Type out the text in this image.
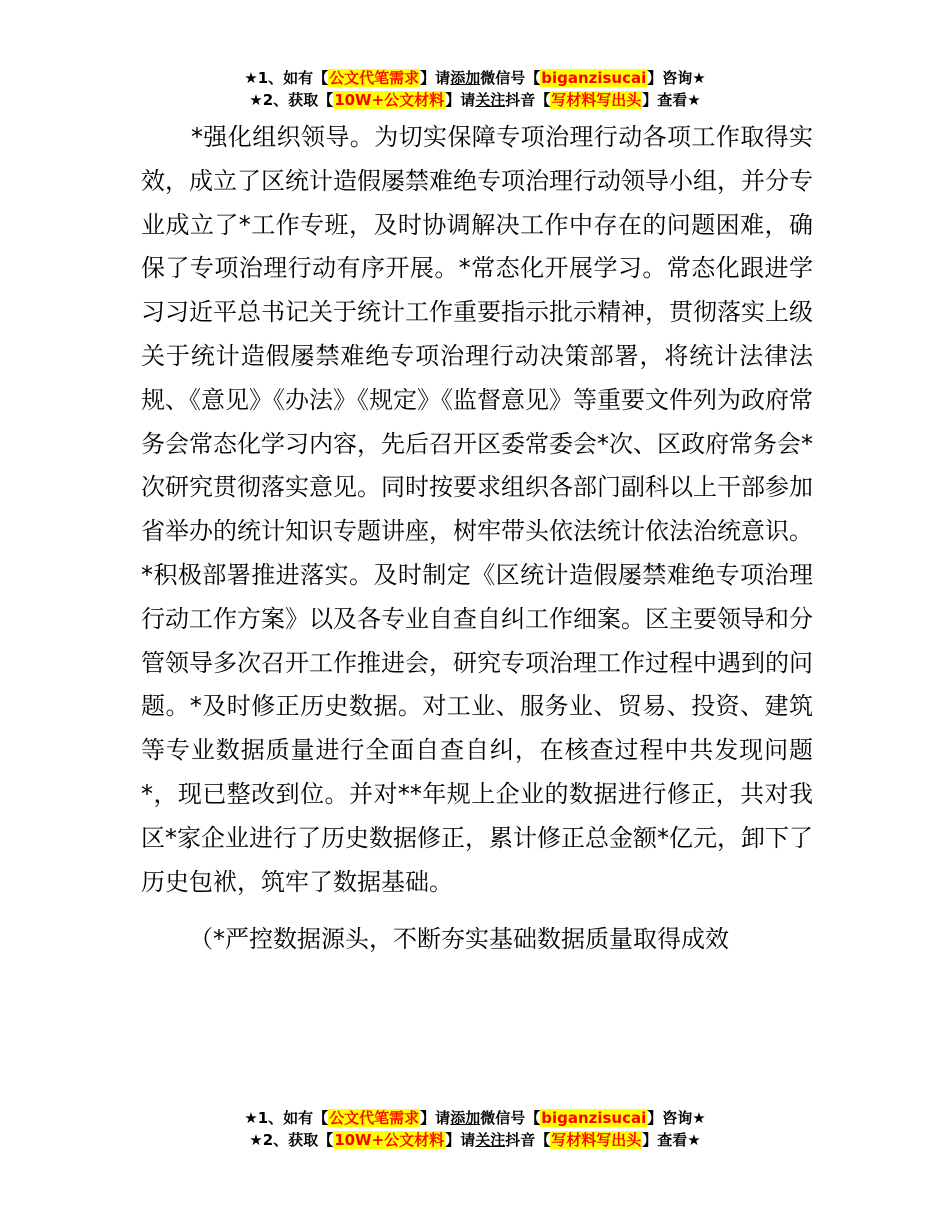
★1、如有【公文代笔需求】请添加微信号【biganzisucai】咨询★
★2、获取【10W+公文材料】请关注抖音【写材料写出头】查看★

*强化组织领导。为切实保障专项治理行动各项工作取得实效，成立了区统计造假屡禁难绝专项治理行动领导小组，并分专业成立了*工作专班，及时协调解决工作中存在的问题困难，确保了专项治理行动有序开展。*常态化开展学习。常态化跟进学习习近平总书记关于统计工作重要指示批示精神，贯彻落实上级关于统计造假屡禁难绝专项治理行动决策部署，将统计法律法规、《意见》《办法》《规定》《监督意见》等重要文件列为政府常务会常态化学习内容，先后召开区委常委会*次、区政府常务会*次研究贯彻落实意见。同时按要求组织各部门副科以上干部参加省举办的统计知识专题讲座，树牢带头依法统计依法治统意识。*积极部署推进落实。及时制定《区统计造假屡禁难绝专项治理行动工作方案》以及各专业自查自纠工作细案。区主要领导和分管领导多次召开工作推进会，研究专项治理工作过程中遇到的问题。*及时修正历史数据。对工业、服务业、贸易、投资、建筑等专业数据质量进行全面自查自纠，在核查过程中共发现问题*，现已整改到位。并对**年规上企业的数据进行修正，共对我区*家企业进行了历史数据修正，累计修正总金额*亿元，卸下了历史包袱，筑牢了数据基础。

（*严控数据源头，不断夯实基础数据质量取得成效

★1、如有【公文代笔需求】请添加微信号【biganzisucai】咨询★
★2、获取【10W+公文材料】请关注抖音【写材料写出头】查看★
